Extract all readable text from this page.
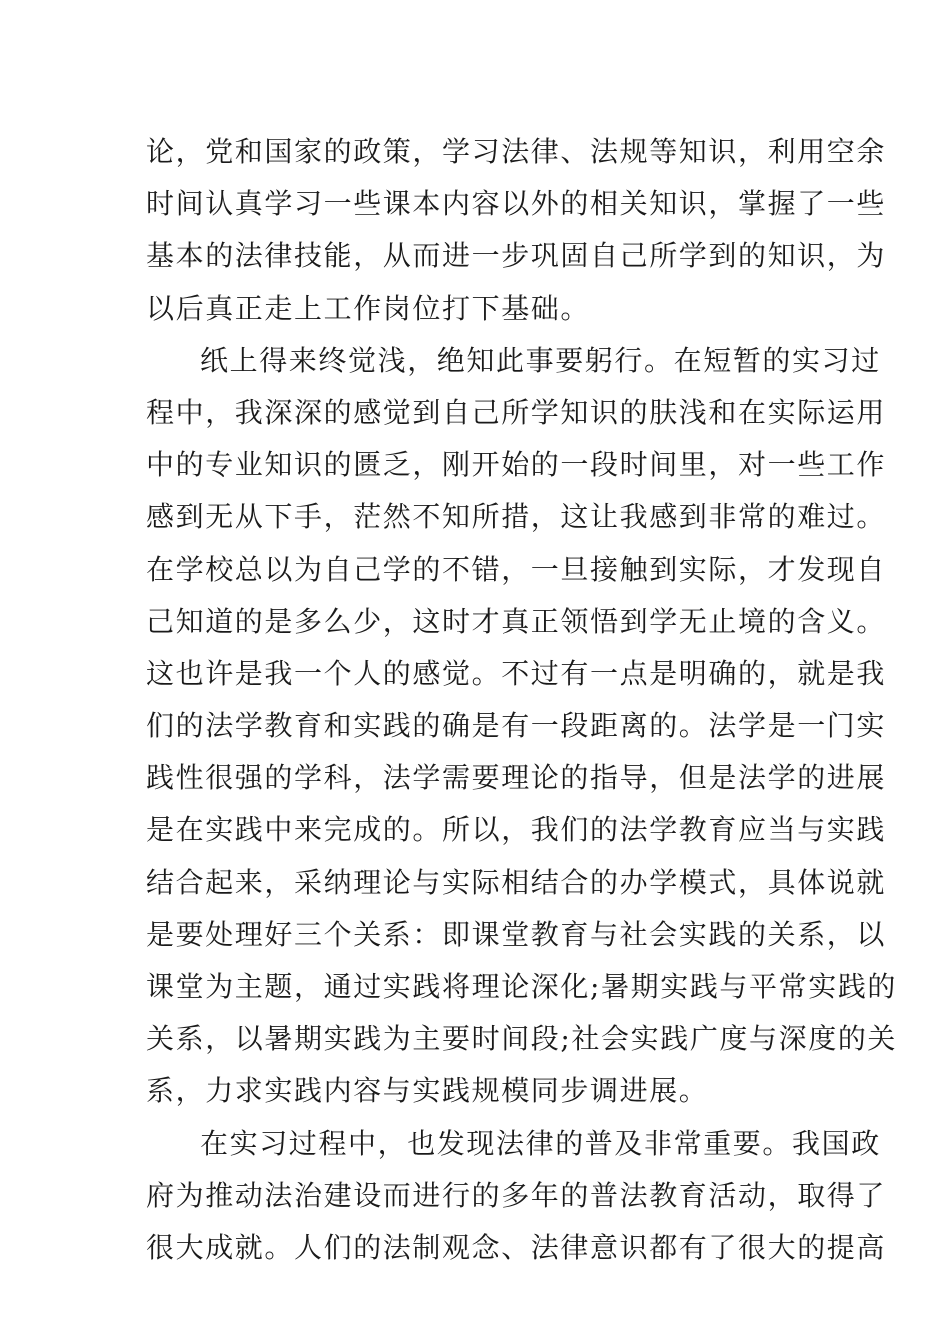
论，党和国家的政策，学习法律、法规等知识，利用空余
时间认真学习一些课本内容以外的相关知识，掌握了一些
基本的法律技能，从而进一步巩固自己所学到的知识，为
以后真正走上工作岗位打下基础。
纸上得来终觉浅，绝知此事要躬行。在短暂的实习过
程中，我深深的感觉到自己所学知识的肤浅和在实际运用
中的专业知识的匮乏，刚开始的一段时间里，对一些工作
感到无从下手，茫然不知所措，这让我感到非常的难过。
在学校总以为自己学的不错，一旦接触到实际，才发现自
己知道的是多么少，这时才真正领悟到学无止境的含义。
这也许是我一个人的感觉。不过有一点是明确的，就是我
们的法学教育和实践的确是有一段距离的。法学是一门实
践性很强的学科，法学需要理论的指导，但是法学的进展
是在实践中来完成的。所以，我们的法学教育应当与实践
结合起来，采纳理论与实际相结合的办学模式，具体说就
是要处理好三个关系：即课堂教育与社会实践的关系，以
课堂为主题，通过实践将理论深化;暑期实践与平常实践的
关系，以暑期实践为主要时间段;社会实践广度与深度的关
系，力求实践内容与实践规模同步调进展。
在实习过程中，也发现法律的普及非常重要。我国政
府为推动法治建设而进行的多年的普法教育活动，取得了
很大成就。人们的法制观念、法律意识都有了很大的提高
